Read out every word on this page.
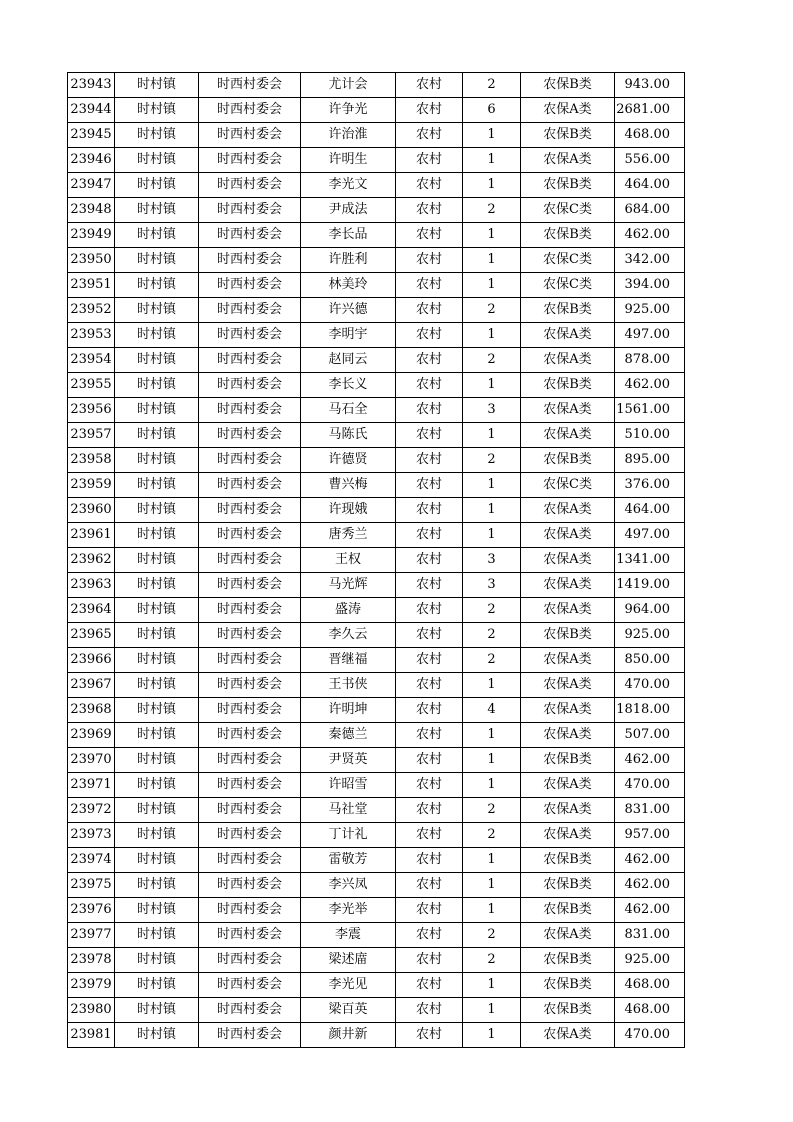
23943	时村镇	时西村委会	尤计会	农村	2	农保B类	943.00
23944	时村镇	时西村委会	许争光	农村	6	农保A类	2681.00
23945	时村镇	时西村委会	许治淮	农村	1	农保B类	468.00
23946	时村镇	时西村委会	许明生	农村	1	农保A类	556.00
23947	时村镇	时西村委会	李光文	农村	1	农保B类	464.00
23948	时村镇	时西村委会	尹成法	农村	2	农保C类	684.00
23949	时村镇	时西村委会	李长品	农村	1	农保B类	462.00
23950	时村镇	时西村委会	许胜利	农村	1	农保C类	342.00
23951	时村镇	时西村委会	林美玲	农村	1	农保C类	394.00
23952	时村镇	时西村委会	许兴德	农村	2	农保B类	925.00
23953	时村镇	时西村委会	李明宇	农村	1	农保A类	497.00
23954	时村镇	时西村委会	赵同云	农村	2	农保A类	878.00
23955	时村镇	时西村委会	李长义	农村	1	农保B类	462.00
23956	时村镇	时西村委会	马石全	农村	3	农保A类	1561.00
23957	时村镇	时西村委会	马陈氏	农村	1	农保A类	510.00
23958	时村镇	时西村委会	许德贤	农村	2	农保B类	895.00
23959	时村镇	时西村委会	曹兴梅	农村	1	农保C类	376.00
23960	时村镇	时西村委会	许现娥	农村	1	农保A类	464.00
23961	时村镇	时西村委会	唐秀兰	农村	1	农保A类	497.00
23962	时村镇	时西村委会	王权	农村	3	农保A类	1341.00
23963	时村镇	时西村委会	马光辉	农村	3	农保A类	1419.00
23964	时村镇	时西村委会	盛涛	农村	2	农保A类	964.00
23965	时村镇	时西村委会	李久云	农村	2	农保B类	925.00
23966	时村镇	时西村委会	晋继福	农村	2	农保A类	850.00
23967	时村镇	时西村委会	王书侠	农村	1	农保A类	470.00
23968	时村镇	时西村委会	许明坤	农村	4	农保A类	1818.00
23969	时村镇	时西村委会	秦德兰	农村	1	农保A类	507.00
23970	时村镇	时西村委会	尹贤英	农村	1	农保B类	462.00
23971	时村镇	时西村委会	许昭雪	农村	1	农保A类	470.00
23972	时村镇	时西村委会	马社堂	农村	2	农保A类	831.00
23973	时村镇	时西村委会	丁计礼	农村	2	农保A类	957.00
23974	时村镇	时西村委会	雷敬芳	农村	1	农保B类	462.00
23975	时村镇	时西村委会	李兴凤	农村	1	农保B类	462.00
23976	时村镇	时西村委会	李光举	农村	1	农保B类	462.00
23977	时村镇	时西村委会	李震	农村	2	农保A类	831.00
23978	时村镇	时西村委会	梁述庿	农村	2	农保B类	925.00
23979	时村镇	时西村委会	李光见	农村	1	农保B类	468.00
23980	时村镇	时西村委会	梁百英	农村	1	农保B类	468.00
23981	时村镇	时西村委会	颜井新	农村	1	农保A类	470.00
